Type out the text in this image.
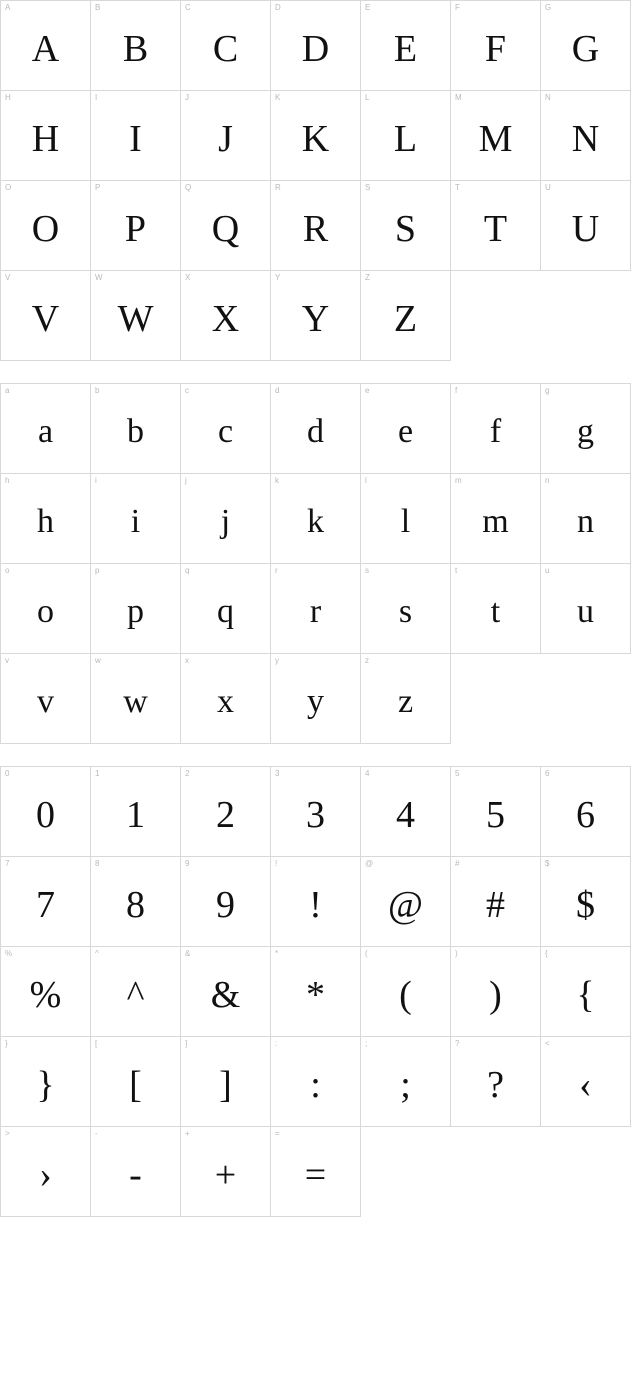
A
A
B
B
C
C
D
D
E
E
F
F
G
G
H
H
I
I
J
J
K
K
L
L
M
M
N
N
O
O
P
P
Q
Q
R
R
S
S
T
T
U
U
V
V
W
W
X
X
Y
Y
Z
Z
a
a
b
b
c
c
d
d
e
e
f
f
g
g
h
h
i
i
j
j
k
k
l
l
m
m
n
n
o
o
p
p
q
q
r
r
s
s
t
t
u
u
v
v
w
w
x
x
y
y
z
z
0
0
1
1
2
2
3
3
4
4
5
5
6
6
7
7
8
8
9
9
!
!
@
@
#
#
$
$
%
%
^
^
&
&
*
*
(
(
)
)
{
{
}
}
[
[
]
]
:
:
;
;
?
?
<
‹
>
›
-
-
+
+
=
=
